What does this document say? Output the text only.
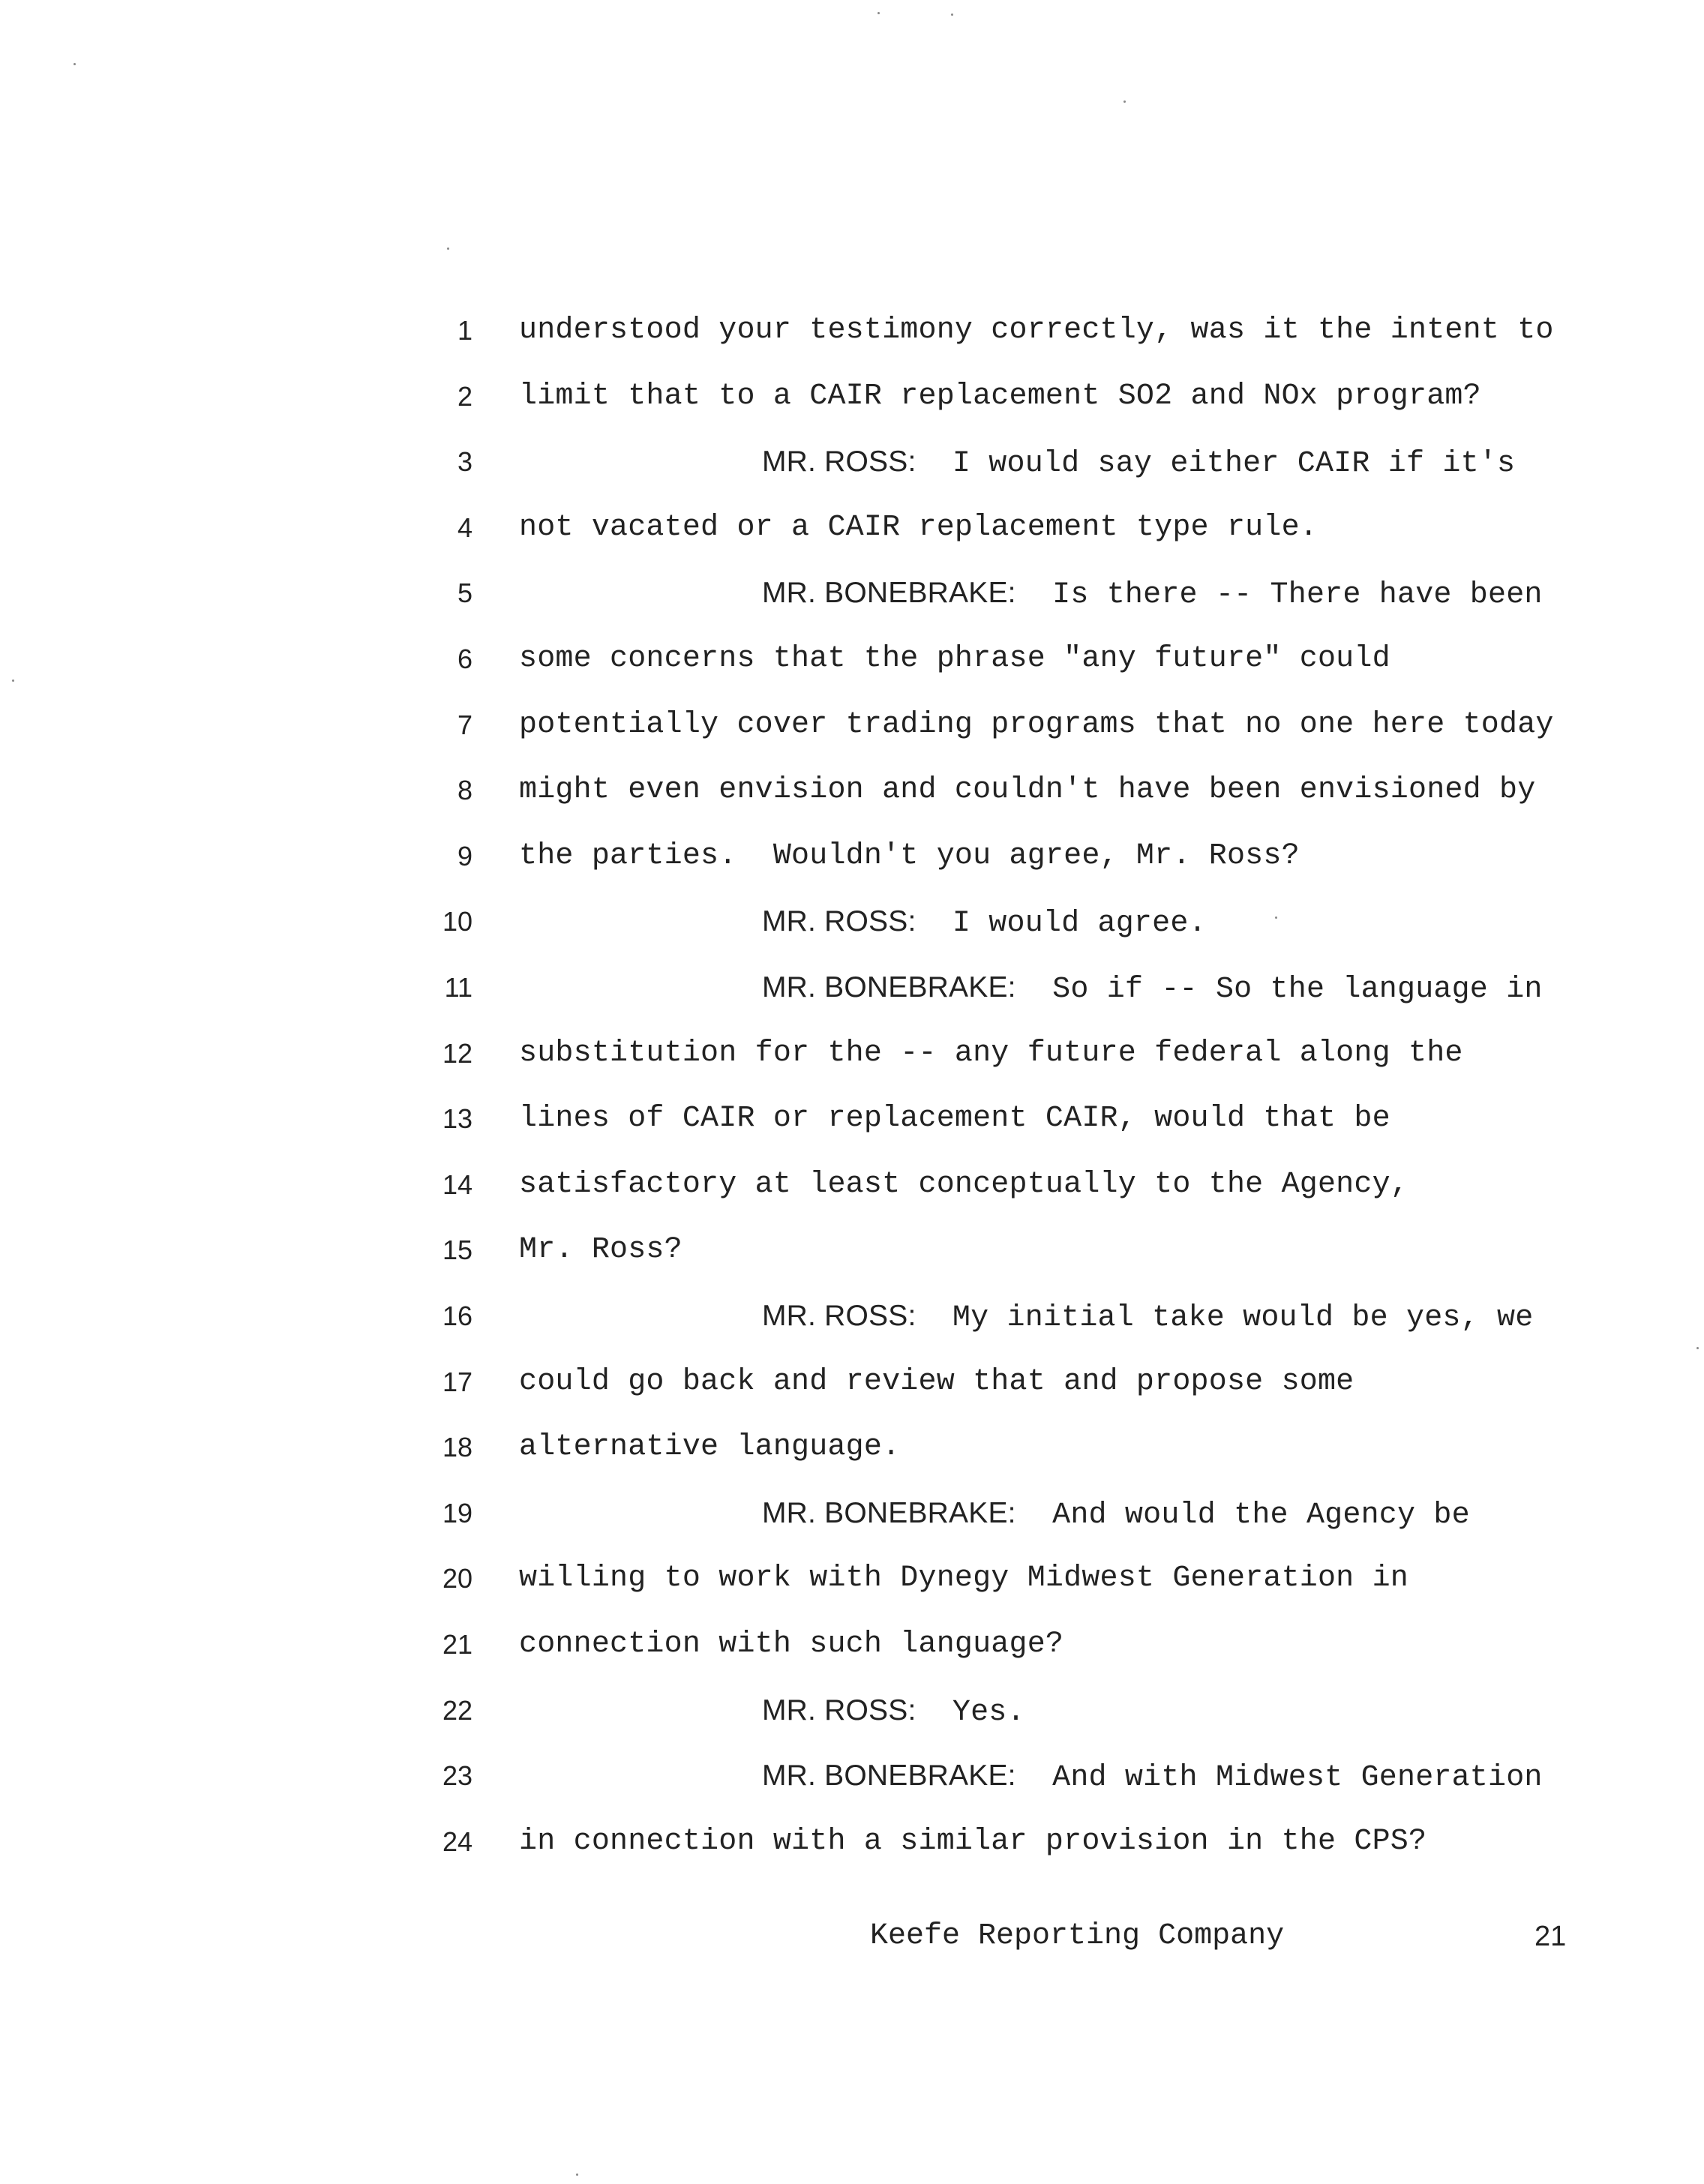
1 understood your testimony correctly, was it the intent to
2 limit that to a CAIR replacement SO2 and NOx program?
3	MR. ROSS:  I would say either CAIR if it's
4 not vacated or a CAIR replacement type rule.
5	MR. BONEBRAKE:  Is there -- There have been
6 some concerns that the phrase "any future" could
7 potentially cover trading programs that no one here today
8 might even envision and couldn't have been envisioned by
9 the parties.  Wouldn't you agree, Mr. Ross?
10	MR. ROSS:  I would agree.
11	MR. BONEBRAKE:  So if -- So the language in
12 substitution for the -- any future federal along the
13 lines of CAIR or replacement CAIR, would that be
14 satisfactory at least conceptually to the Agency,
15 Mr. Ross?
16	MR. ROSS:  My initial take would be yes, we
17 could go back and review that and propose some
18 alternative language.
19	MR. BONEBRAKE:  And would the Agency be
20 willing to work with Dynegy Midwest Generation in
21 connection with such language?
22	MR. ROSS:  Yes.
23	MR. BONEBRAKE:  And with Midwest Generation
24 in connection with a similar provision in the CPS?
Keefe Reporting Company	21
